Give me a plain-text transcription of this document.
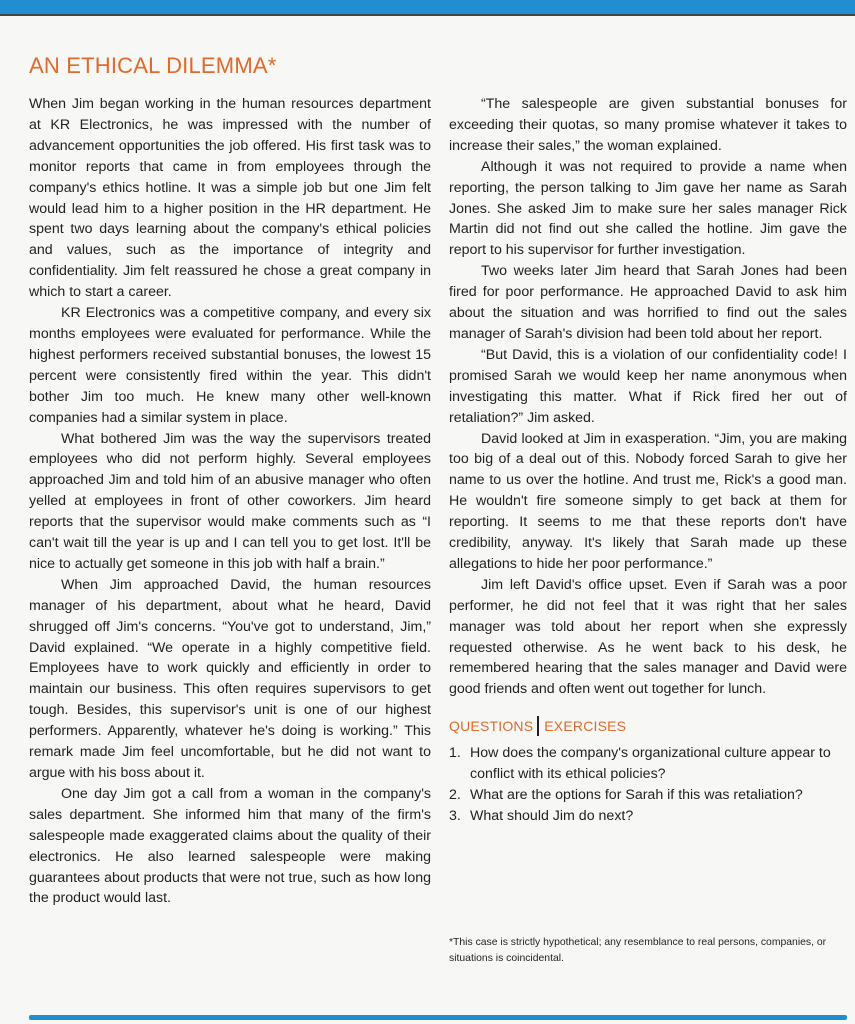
AN ETHICAL DILEMMA*

When Jim began working in the human resources department at KR Electronics, he was impressed with the number of advancement opportunities the job offered. His first task was to monitor reports that came in from employees through the company's ethics hotline. It was a simple job but one Jim felt would lead him to a higher position in the HR department. He spent two days learning about the company's ethical policies and values, such as the importance of integrity and confidentiality. Jim felt reassured he chose a great company in which to start a career.

KR Electronics was a competitive company, and every six months employees were evaluated for performance. While the highest performers received substantial bonuses, the lowest 15 percent were consistently fired within the year. This didn't bother Jim too much. He knew many other well-known companies had a similar system in place.

What bothered Jim was the way the supervisors treated employees who did not perform highly. Several employees approached Jim and told him of an abusive manager who often yelled at employees in front of other coworkers. Jim heard reports that the supervisor would make comments such as “I can't wait till the year is up and I can tell you to get lost. It'll be nice to actually get someone in this job with half a brain.”

When Jim approached David, the human resources manager of his department, about what he heard, David shrugged off Jim's concerns. “You've got to understand, Jim,” David explained. “We operate in a highly competitive field. Employees have to work quickly and efficiently in order to maintain our business. This often requires supervisors to get tough. Besides, this supervisor's unit is one of our highest performers. Apparently, whatever he's doing is working.” This remark made Jim feel uncomfortable, but he did not want to argue with his boss about it.

One day Jim got a call from a woman in the company's sales department. She informed him that many of the firm's salespeople made exaggerated claims about the quality of their electronics. He also learned salespeople were making guarantees about products that were not true, such as how long the product would last.

“The salespeople are given substantial bonuses for exceeding their quotas, so many promise whatever it takes to increase their sales,” the woman explained.

Although it was not required to provide a name when reporting, the person talking to Jim gave her name as Sarah Jones. She asked Jim to make sure her sales manager Rick Martin did not find out she called the hotline. Jim gave the report to his supervisor for further investigation.

Two weeks later Jim heard that Sarah Jones had been fired for poor performance. He approached David to ask him about the situation and was horrified to find out the sales manager of Sarah's division had been told about her report.

“But David, this is a violation of our confidentiality code! I promised Sarah we would keep her name anonymous when investigating this matter. What if Rick fired her out of retaliation?” Jim asked.

David looked at Jim in exasperation. “Jim, you are making too big of a deal out of this. Nobody forced Sarah to give her name to us over the hotline. And trust me, Rick's a good man. He wouldn't fire someone simply to get back at them for reporting. It seems to me that these reports don't have credibility, anyway. It's likely that Sarah made up these allegations to hide her poor performance.”

Jim left David's office upset. Even if Sarah was a poor performer, he did not feel that it was right that her sales manager was told about her report when she expressly requested otherwise. As he went back to his desk, he remembered hearing that the sales manager and David were good friends and often went out together for lunch.

QUESTIONS EXERCISES
1. How does the company's organizational culture appear to conflict with its ethical policies?
2. What are the options for Sarah if this was retaliation?
3. What should Jim do next?
*This case is strictly hypothetical; any resemblance to real persons, companies, or situations is coincidental.
